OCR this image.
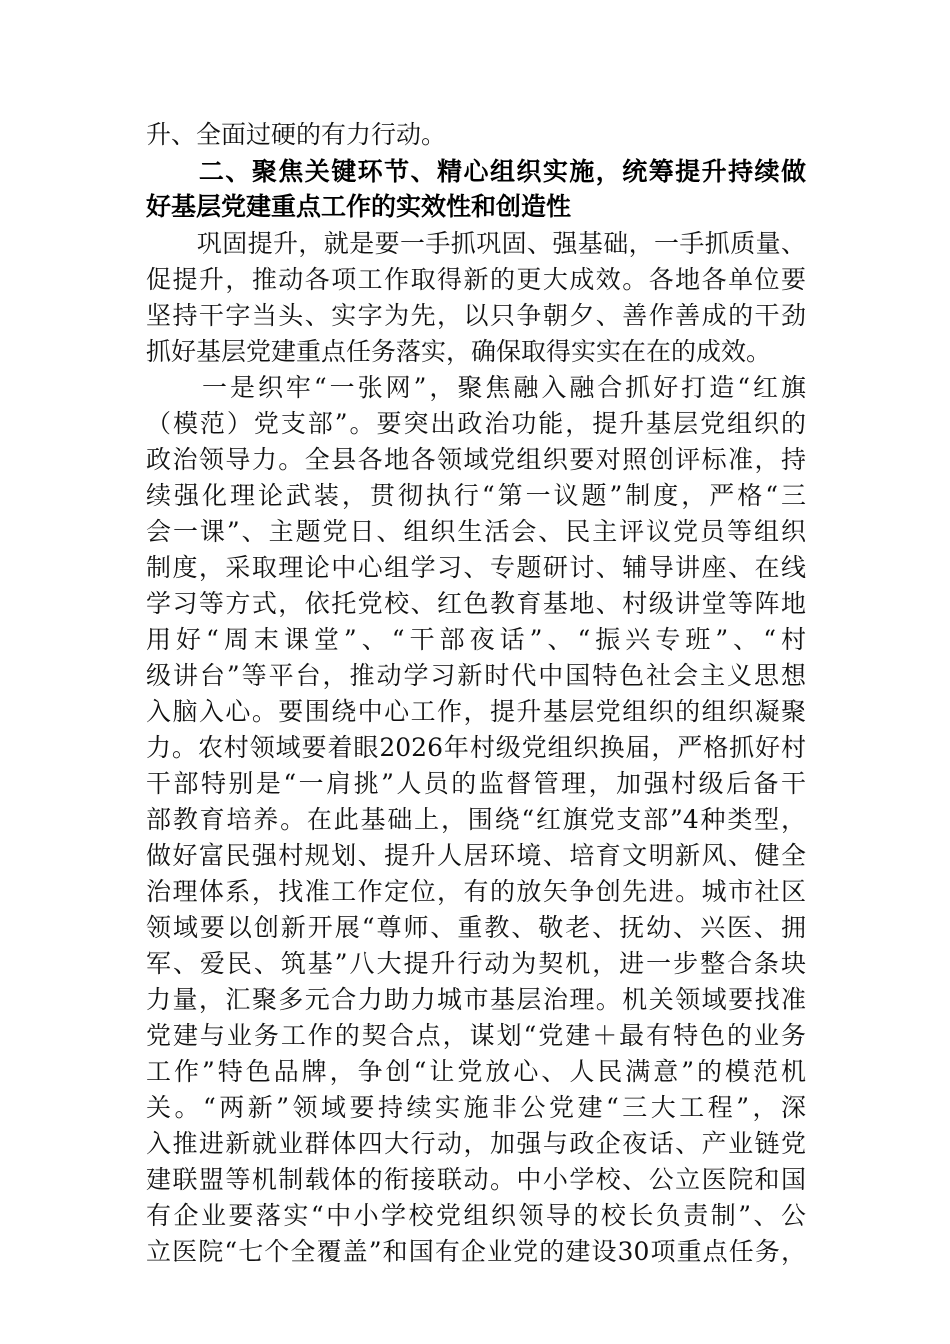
升、全面过硬的有力行动。
　　二、聚焦关键环节、精心组织实施，统筹提升持续做
好基层党建重点工作的实效性和创造性
　　巩固提升，就是要一手抓巩固、强基础，一手抓质量、
促提升，推动各项工作取得新的更大成效。各地各单位要
坚持干字当头、实字为先，以只争朝夕、善作善成的干劲
抓好基层党建重点任务落实，确保取得实实在在的成效。
　　一是织牢“一张网”，聚焦融入融合抓好打造“红旗
（模范）党支部”。要突出政治功能，提升基层党组织的
政治领导力。全县各地各领域党组织要对照创评标准，持
续强化理论武装，贯彻执行“第一议题”制度，严格“三
会一课”、主题党日、组织生活会、民主评议党员等组织
制度，采取理论中心组学习、专题研讨、辅导讲座、在线
学习等方式，依托党校、红色教育基地、村级讲堂等阵地
用好“周末课堂”、“干部夜话”、“振兴专班”、“村
级讲台”等平台，推动学习新时代中国特色社会主义思想
入脑入心。要围绕中心工作，提升基层党组织的组织凝聚
力。农村领域要着眼2026年村级党组织换届，严格抓好村
干部特别是“一肩挑”人员的监督管理，加强村级后备干
部教育培养。在此基础上，围绕“红旗党支部”4种类型，
做好富民强村规划、提升人居环境、培育文明新风、健全
治理体系，找准工作定位，有的放矢争创先进。城市社区
领域要以创新开展“尊师、重教、敬老、抚幼、兴医、拥
军、爱民、筑基”八大提升行动为契机，进一步整合条块
力量，汇聚多元合力助力城市基层治理。机关领域要找准
党建与业务工作的契合点，谋划“党建＋最有特色的业务
工作”特色品牌，争创“让党放心、人民满意”的模范机
关。“两新”领域要持续实施非公党建“三大工程”，深
入推进新就业群体四大行动，加强与政企夜话、产业链党
建联盟等机制载体的衔接联动。中小学校、公立医院和国
有企业要落实“中小学校党组织领导的校长负责制”、公
立医院“七个全覆盖”和国有企业党的建设30项重点任务，
